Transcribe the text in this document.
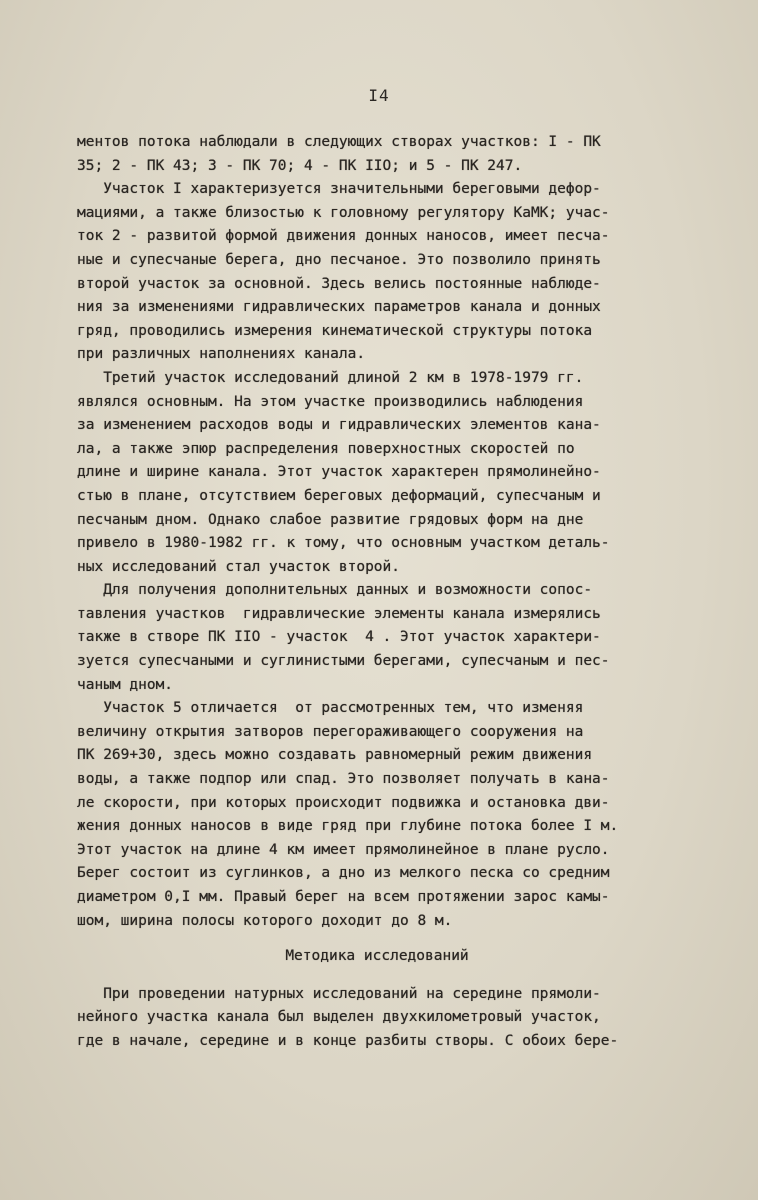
I4
ментов потока наблюдали в следующих створах участков: I - ПК
35; 2 - ПК 43; 3 - ПК 70; 4 - ПК IIO; и 5 - ПК 247.
Участок I характеризуется значительными береговыми дефор-
мациями, а также близостью к головному регулятору КаМК; учас-
ток 2 - развитой формой движения донных наносов, имеет песча-
ные и супесчаные берега, дно песчаное. Это позволило принять
второй участок за основной. Здесь велись постоянные наблюде-
ния за изменениями гидравлических параметров канала и донных
гряд, проводились измерения кинематической структуры потока
при различных наполнениях канала.
Третий участок исследований длиной 2 км в 1978-1979 гг.
являлся основным. На этом участке производились наблюдения
за изменением расходов воды и гидравлических элементов кана-
ла, а также эпюр распределения поверхностных скоростей по
длине и ширине канала. Этот участок характерен прямолинейно-
стью в плане, отсутствием береговых деформаций, супесчаным и
песчаным дном. Однако слабое развитие грядовых форм на дне
привело в 1980-1982 гг. к тому, что основным участком деталь-
ных исследований стал участок второй.
Для получения дополнительных данных и возможности сопос-
тавления участков  гидравлические элементы канала измерялись
также в створе ПК IIO - участок  4 . Этот участок характери-
зуется супесчаными и суглинистыми берегами, супесчаным и пес-
чаным дном.
Участок 5 отличается  от рассмотренных тем, что изменяя
величину открытия затворов перегораживающего сооружения на
ПК 269+30, здесь можно создавать равномерный режим движения
воды, а также подпор или спад. Это позволяет получать в кана-
ле скорости, при которых происходит подвижка и остановка дви-
жения донных наносов в виде гряд при глубине потока более I м.
Этот участок на длине 4 км имеет прямолинейное в плане русло.
Берег состоит из суглинков, а дно из мелкого песка со средним
диаметром 0,I мм. Правый берег на всем протяжении зарос камы-
шом, ширина полосы которого доходит до 8 м.
Методика исследований
При проведении натурных исследований на середине прямоли-
нейного участка канала был выделен двухкилометровый участок,
где в начале, середине и в конце разбиты створы. С обоих бере-
